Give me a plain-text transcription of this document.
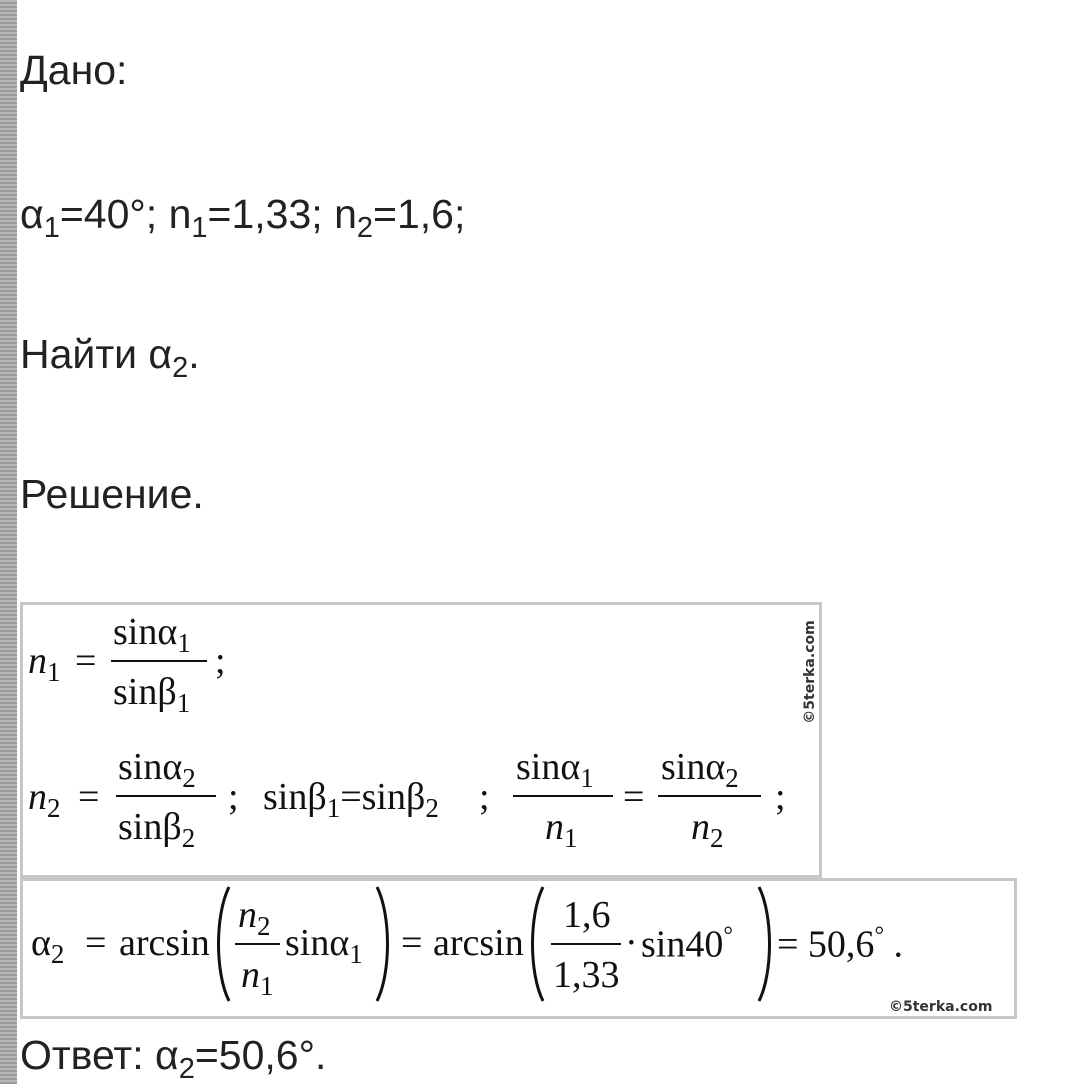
Дано:
$\alpha_1=40^\circ$; $n_1=1,33$; $n_2=1,6$;
Найти $\alpha_2$.
Решение.
$n_1$ =
sinα$_1$
sinβ$_1$
;
$n_2$ =
sinα$_2$
sinβ$_2$
; sinβ$_1$=sinβ$_2$ ;
sinα$_1$
$n_1$
=
sinα$_2$
$n_2$
;
©5terka.com
$\alpha_2 = \arcsin$
$n_2$
$n_1$
sinα$_1$ = arcsin
1,6
1,33
· sin40° = 50,6° .
©5terka.com
Ответ: $\alpha_2=50,6^\circ$.
